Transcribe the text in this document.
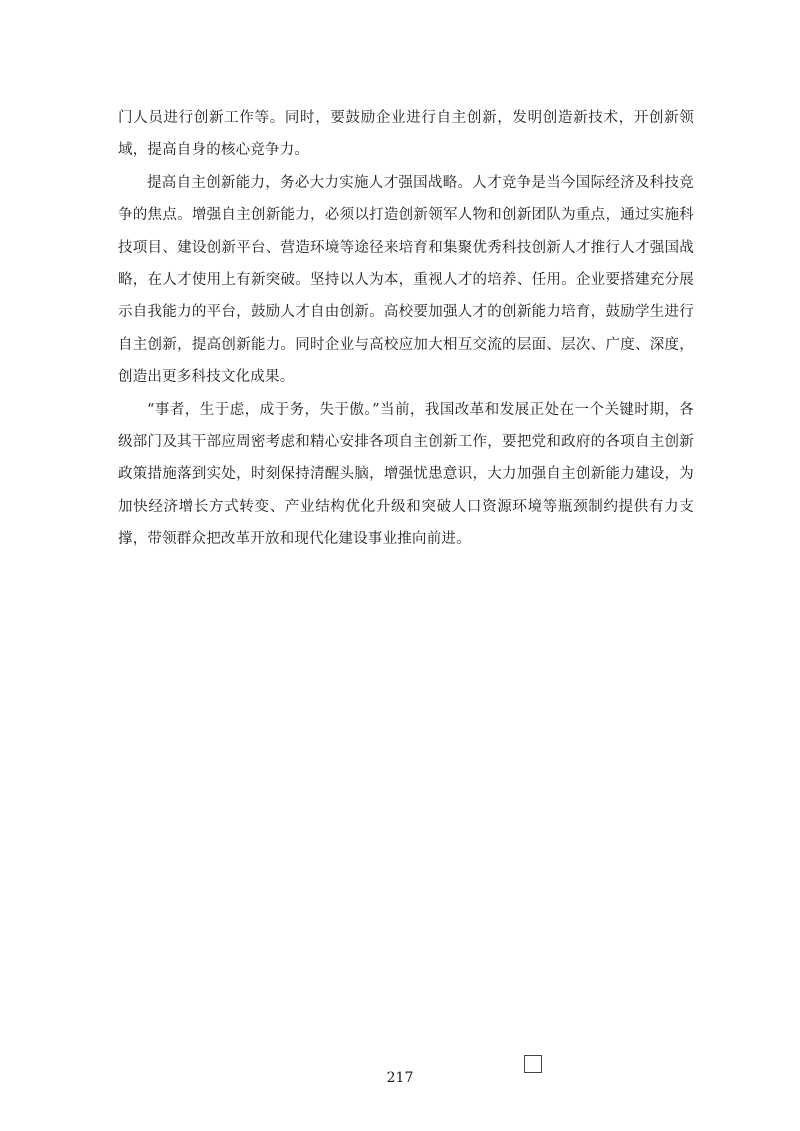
门人员进行创新工作等。同时，要鼓励企业进行自主创新，发明创造新技术，开创新领域，提高自身的核心竞争力。

提高自主创新能力，务必大力实施人才强国战略。人才竞争是当今国际经济及科技竞争的焦点。增强自主创新能力，必须以打造创新领军人物和创新团队为重点，通过实施科技项目、建设创新平台、营造环境等途径来培育和集聚优秀科技创新人才推行人才强国战略，在人才使用上有新突破。坚持以人为本，重视人才的培养、任用。企业要搭建充分展示自我能力的平台，鼓励人才自由创新。高校要加强人才的创新能力培育，鼓励学生进行自主创新，提高创新能力。同时企业与高校应加大相互交流的层面、层次、广度、深度，创造出更多科技文化成果。

“事者，生于虑，成于务，失于傲。”当前，我国改革和发展正处在一个关键时期，各级部门及其干部应周密考虑和精心安排各项自主创新工作，要把党和政府的各项自主创新政策措施落到实处，时刻保持清醒头脑，增强忧患意识，大力加强自主创新能力建设，为加快经济增长方式转变、产业结构优化升级和突破人口资源环境等瓶颈制约提供有力支撑，带领群众把改革开放和现代化建设事业推向前进。

217
